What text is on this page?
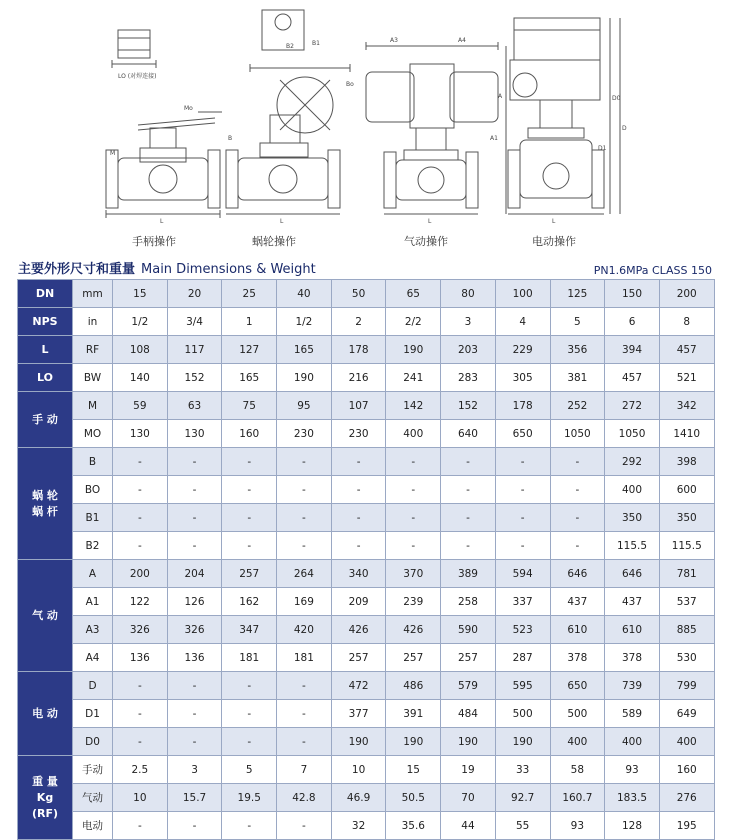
LO (对焊连接)
Mo
M
L
B2	B1
B
Bo
L
A3	A4
A
A1
L
D0
D
D1
L
手柄操作	蜗轮操作	气动操作	电动操作
主要外形尺寸和重量 Main Dimensions & Weight	PN1.6MPa CLASS 150
DN	mm	15	20	25	40	50	65	80	100	125	150	200
NPS	in	1/2	3/4	1	1/2	2	2/2	3	4	5	6	8
L	RF	108	117	127	165	178	190	203	229	356	394	457
LO	BW	140	152	165	190	216	241	283	305	381	457	521
手 动	M	59	63	75	95	107	142	152	178	252	272	342
	MO	130	130	160	230	230	400	640	650	1050	1050	1410
蜗 轮
蜗 杆	B	-	-	-	-	-	-	-	-	-	292	398
	BO	-	-	-	-	-	-	-	-	-	400	600
	B1	-	-	-	-	-	-	-	-	-	350	350
	B2	-	-	-	-	-	-	-	-	-	115.5	115.5
气 动	A	200	204	257	264	340	370	389	594	646	646	781
	A1	122	126	162	169	209	239	258	337	437	437	537
	A3	326	326	347	420	426	426	590	523	610	610	885
	A4	136	136	181	181	257	257	257	287	378	378	530
电 动	D	-	-	-	-	472	486	579	595	650	739	799
	D1	-	-	-	-	377	391	484	500	500	589	649
	D0	-	-	-	-	190	190	190	190	400	400	400
重 量
Kg
(RF)	手动	2.5	3	5	7	10	15	19	33	58	93	160
	气动	10	15.7	19.5	42.8	46.9	50.5	70	92.7	160.7	183.5	276
	电动	-	-	-	-	32	35.6	44	55	93	128	195
